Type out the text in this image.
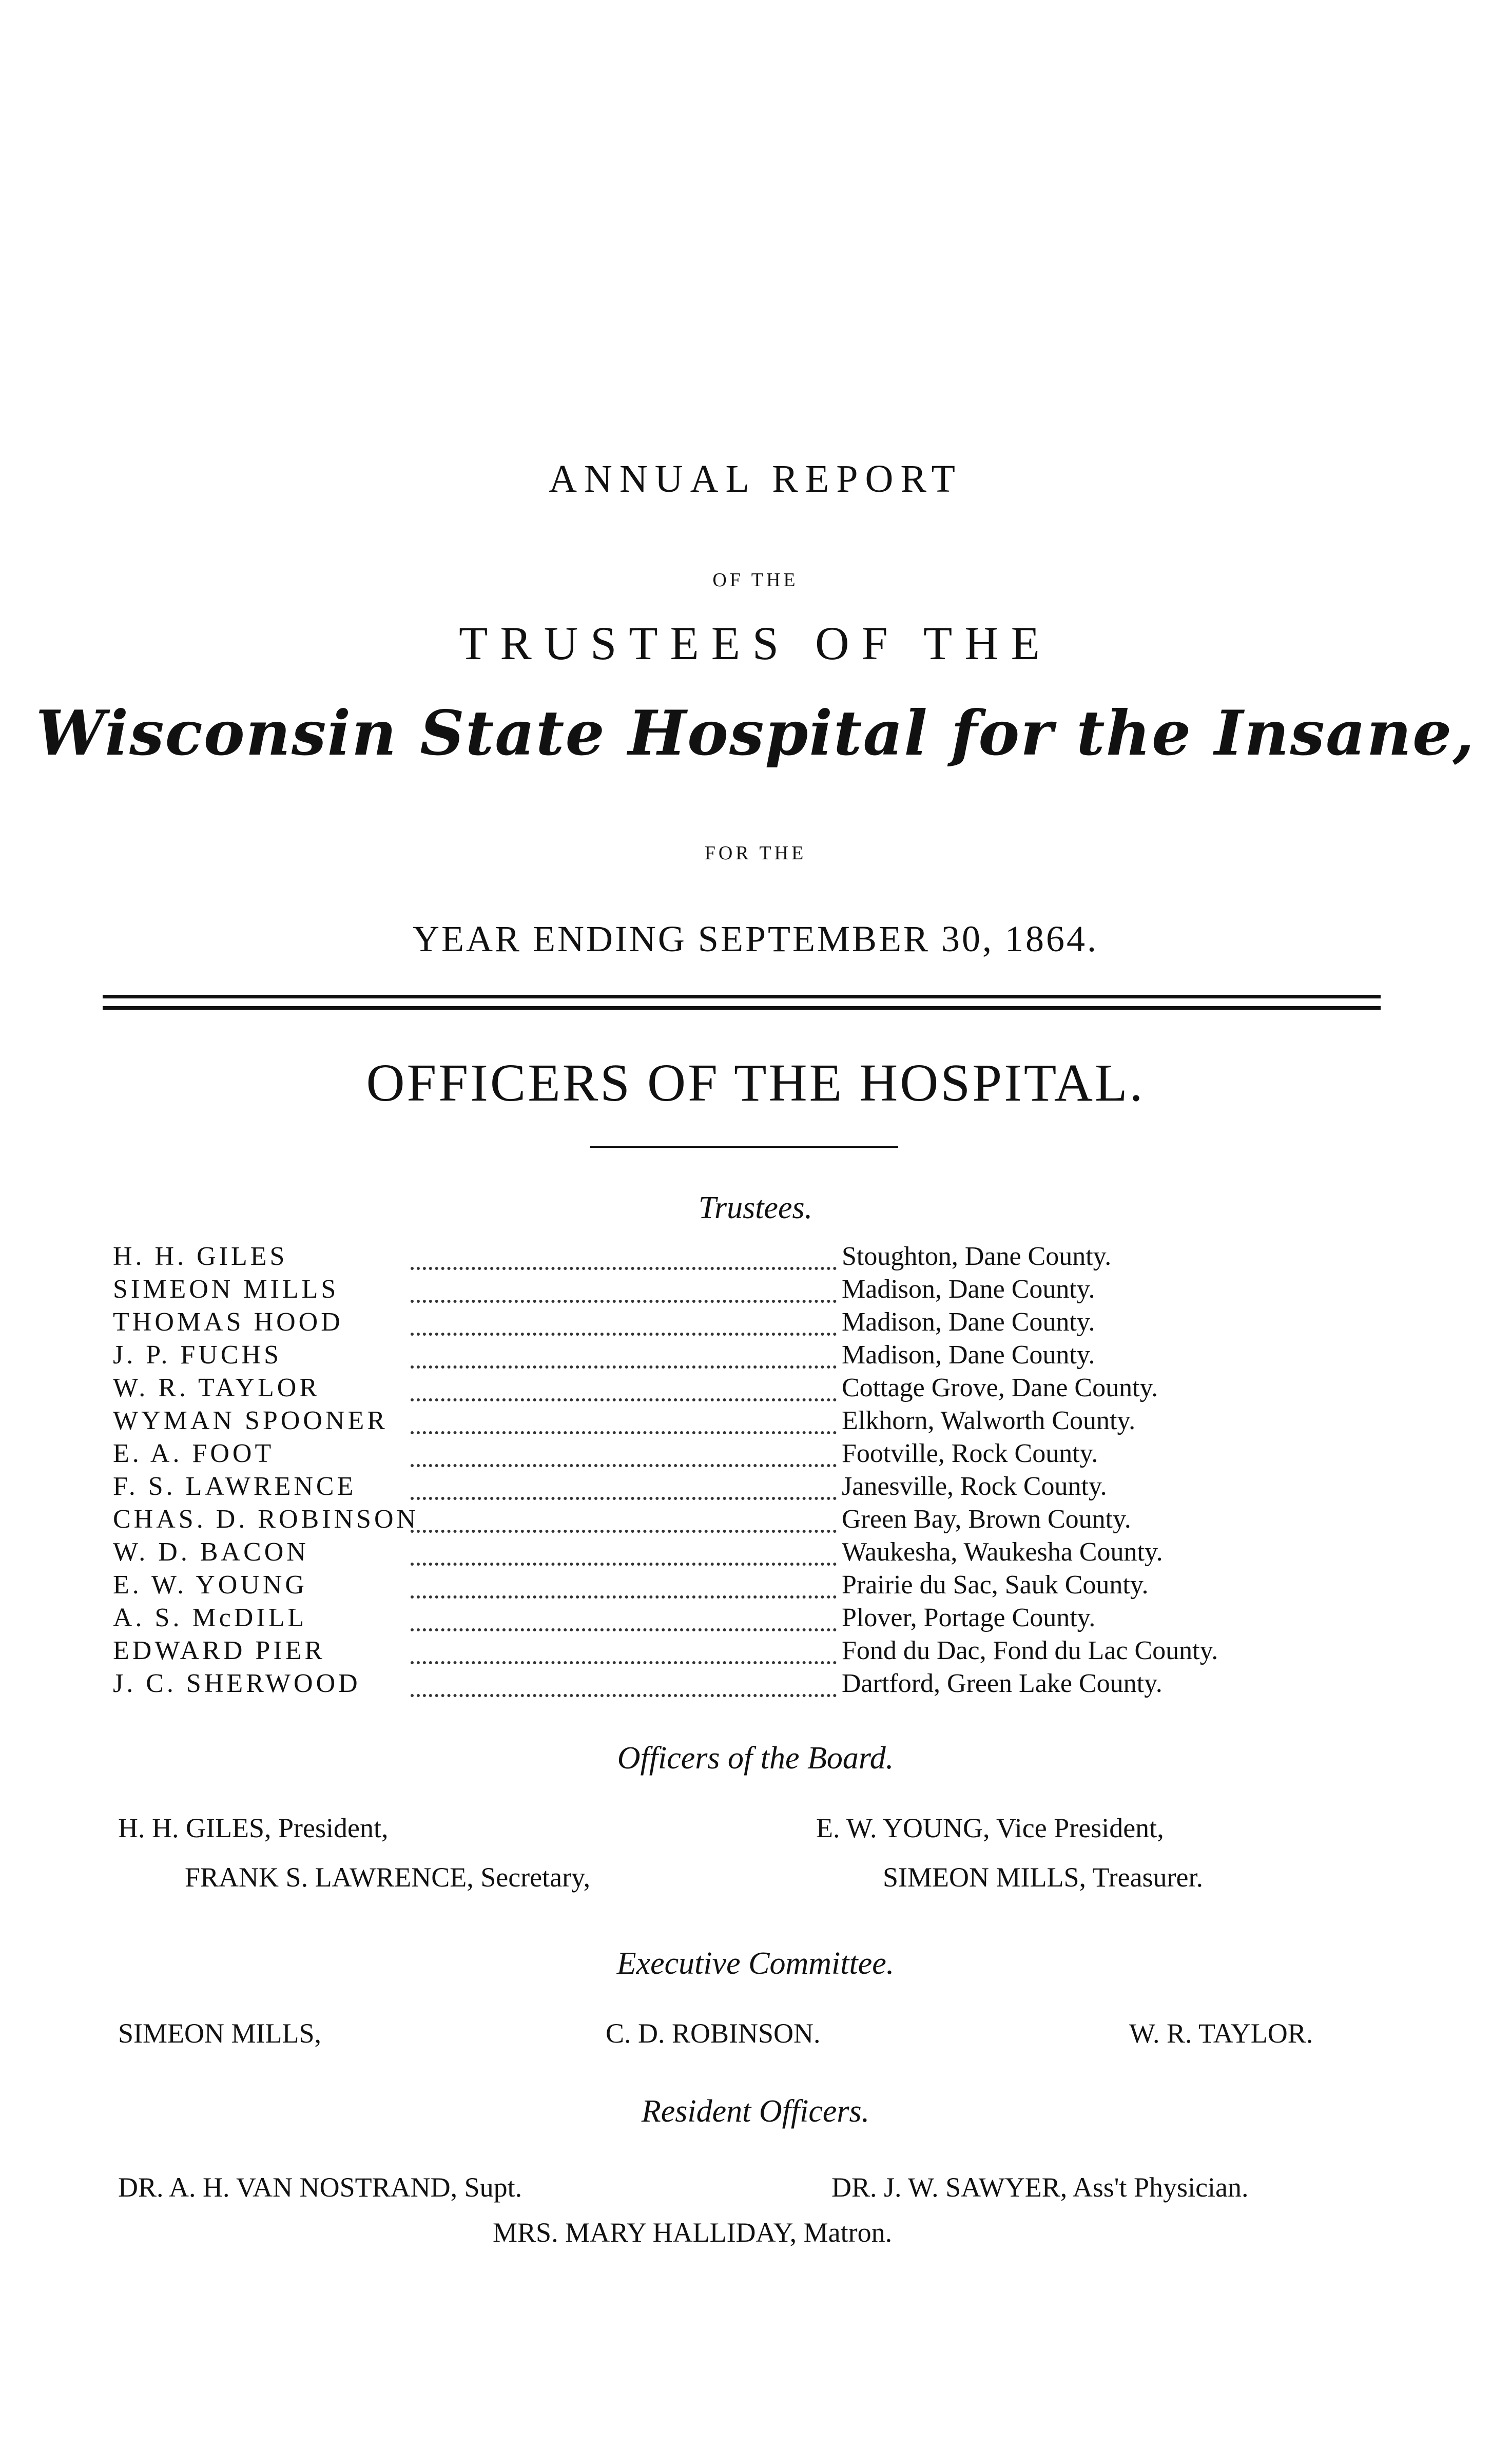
ANNUAL REPORT
OF THE
TRUSTEES OF THE
Wisconsin State Hospital for the Insane,
FOR THE
YEAR ENDING SEPTEMBER 30, 1864.
OFFICERS OF THE HOSPITAL.
Trustees.
H. H. GILES	Stoughton, Dane County.
SIMEON MILLS	Madison, Dane County.
THOMAS HOOD	Madison, Dane County.
J. P. FUCHS	Madison, Dane County.
W. R. TAYLOR	Cottage Grove, Dane County.
WYMAN SPOONER	Elkhorn, Walworth County.
E. A. FOOT	Footville, Rock County.
F. S. LAWRENCE	Janesville, Rock County.
CHAS. D. ROBINSON	Green Bay, Brown County.
W. D. BACON	Waukesha, Waukesha County.
E. W. YOUNG	Prairie du Sac, Sauk County.
A. S. McDILL	Plover, Portage County.
EDWARD PIER	Fond du Dac, Fond du Lac County.
J. C. SHERWOOD	Dartford, Green Lake County.
Officers of the Board.
H. H. GILES, President,	E. W. YOUNG, Vice President,
FRANK S. LAWRENCE, Secretary,	SIMEON MILLS, Treasurer.
Executive Committee.
SIMEON MILLS,	C. D. ROBINSON.	W. R. TAYLOR.
Resident Officers.
DR. A. H. VAN NOSTRAND, Supt.	DR. J. W. SAWYER, Ass't Physician.
MRS. MARY HALLIDAY, Matron.
